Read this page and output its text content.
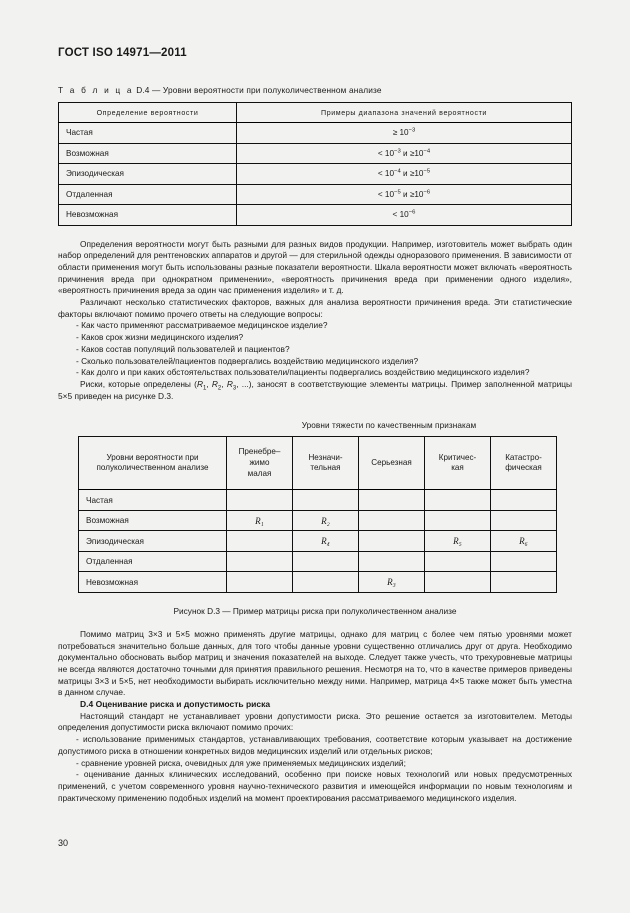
ГОСТ ISO 14971—2011
Т а б л и ц а D.4 — Уровни вероятности при полуколичественном анализе
Определение вероятности	Примеры диапазона значений вероятности
Частая	≥ $10^{-3}$
Возможная	< $10^{-3}$ $и \ge 10^{-4}$
Эпизодическая	< $10^{-4}$ $и \ge 10^{-5}$
Отдаленная	< $10^{-5}$ $и \ge 10^{-6}$
Невозможная	< $10^{-6}$

Определения вероятности могут быть разными для разных видов продукции. Например, изготовитель может выбрать один набор определений для рентгеновских аппаратов и другой — для стерильной одежды одноразового применения. В зависимости от области применения могут быть использованы разные показатели вероятности. Шкала вероятности может включать «вероятность причинения вреда при однократном применении», «вероятность причинения вреда при применении одного изделия», «вероятность причинения вреда за один час применения изделия» и т. д.

Различают несколько статистических факторов, важных для анализа вероятности причинения вреда. Эти статистические факторы включают помимо прочего ответы на следующие вопросы:

- Как часто применяют рассматриваемое медицинское изделие?

- Каков срок жизни медицинского изделия?

- Каков состав популяций пользователей и пациентов?

- Сколько пользователей/пациентов подвергались воздействию медицинского изделия?

- Как долго и при каких обстоятельствах пользователи/пациенты подвергались воздействию медицинского изделия?

Риски, которые определены ($R_1$, $R_2$, $R_3$, ...), заносят в соответствующие элементы матрицы. Пример заполненной матрицы 5×5 приведен на рисунке D.3.

Уровни тяжести по качественным признакам
Уровни вероятности при полуколичественном анализе	Пренебре–
жимо
малая	Незначи-
тельная	Серьезная	Критичес-
кая	Катастро-
фическая
Частая					
Возможная	R₁	R₂			
Эпизодическая		R₄		R₅	R₆
Отдаленная					
Невозможная			R₃		
Рисунок D.3 — Пример матрицы риска при полуколичественном анализе

Помимо матриц 3×3 и 5×5 можно применять другие матрицы, однако для матриц с более чем пятью уровнями может потребоваться значительно больше данных, для того чтобы данные уровни существенно отличались друг от друга. Необходимо документально обосновать выбор матриц и значения показателей на выходе. Следует также учесть, что трехуровневые матрицы не всегда являются достаточно точными для принятия правильного решения. Несмотря на то, что в качестве примеров приведены матрицы 3×3 и 5×5, нет необходимости выбирать исключительно между ними. Например, матрица 4×5 также может быть уместна в данном случае.

D.4 Оценивание риска и допустимость риска

Настоящий стандарт не устанавливает уровни допустимости риска. Это решение остается за изготовителем. Методы определения допустимости риска включают помимо прочих:

- использование применимых стандартов, устанавливающих требования, соответствие которым указывает на достижение допустимого риска в отношении конкретных видов медицинских изделий или отдельных рисков;

- сравнение уровней риска, очевидных для уже применяемых медицинских изделий;

- оценивание данных клинических исследований, особенно при поиске новых технологий или новых предусмотренных применений, с учетом современного уровня научно-технического развития и имеющейся информации по новым технологиям и практическому применению подобных изделий на момент проектирования рассматриваемого медицинского изделия.

30
